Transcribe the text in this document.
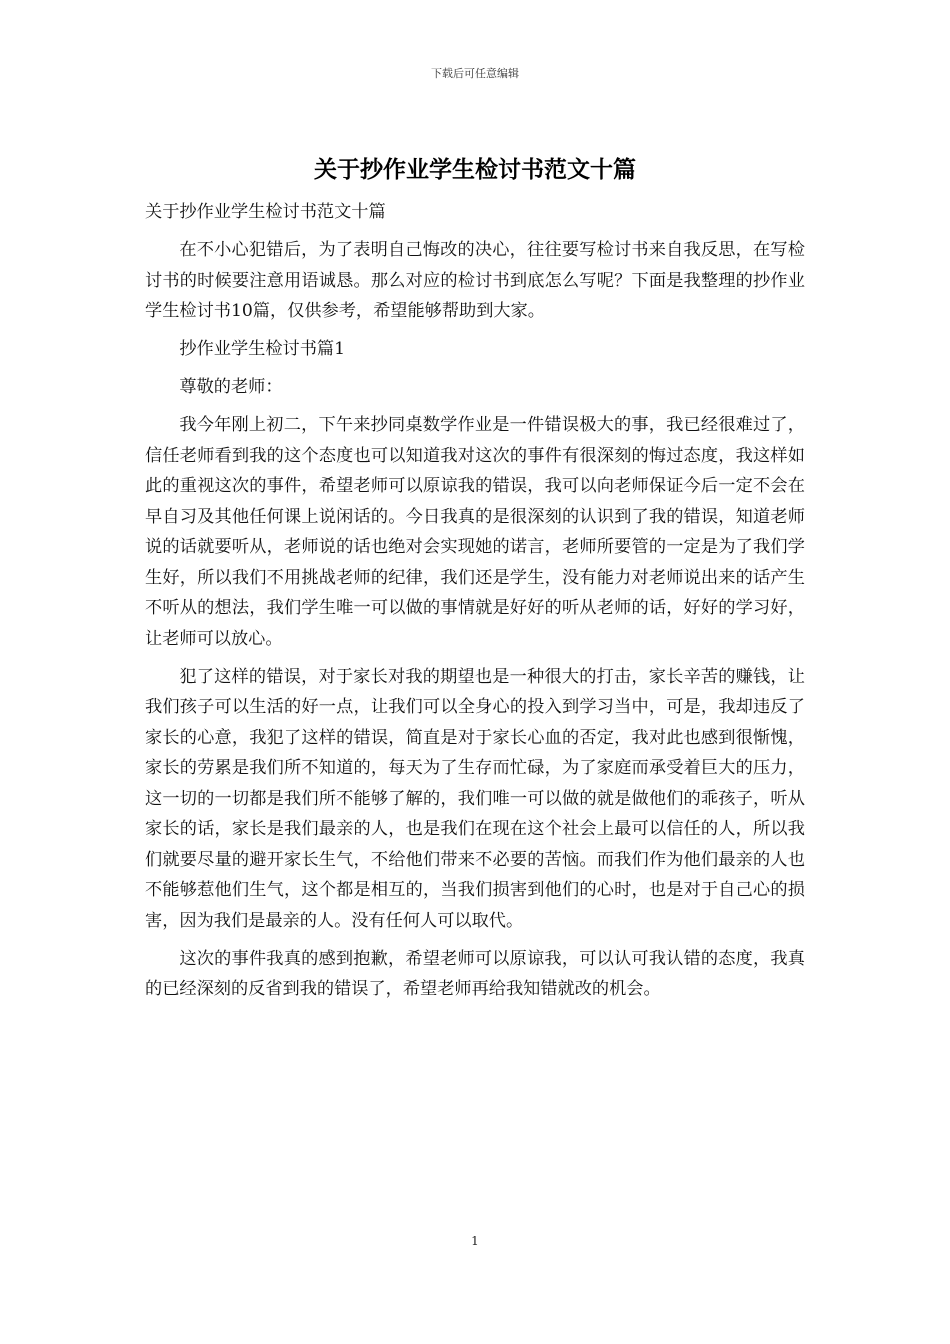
下载后可任意编辑
关于抄作业学生检讨书范文十篇

关于抄作业学生检讨书范文十篇

在不小心犯错后，为了表明自己悔改的决心，往往要写检讨书来自我反思，在写检讨书的时候要注意用语诚恳。那么对应的检讨书到底怎么写呢？下面是我整理的抄作业学生检讨书10篇，仅供参考，希望能够帮助到大家。

抄作业学生检讨书篇1

尊敬的老师：

我今年刚上初二，下午来抄同桌数学作业是一件错误极大的事，我已经很难过了，信任老师看到我的这个态度也可以知道我对这次的事件有很深刻的悔过态度，我这样如此的重视这次的事件，希望老师可以原谅我的错误，我可以向老师保证今后一定不会在早自习及其他任何课上说闲话的。今日我真的是很深刻的认识到了我的错误，知道老师说的话就要听从，老师说的话也绝对会实现她的诺言，老师所要管的一定是为了我们学生好，所以我们不用挑战老师的纪律，我们还是学生，没有能力对老师说出来的话产生不听从的想法，我们学生唯一可以做的事情就是好好的听从老师的话，好好的学习好，让老师可以放心。

犯了这样的错误，对于家长对我的期望也是一种很大的打击，家长辛苦的赚钱，让我们孩子可以生活的好一点，让我们可以全身心的投入到学习当中，可是，我却违反了家长的心意，我犯了这样的错误，简直是对于家长心血的否定，我对此也感到很惭愧，家长的劳累是我们所不知道的，每天为了生存而忙碌，为了家庭而承受着巨大的压力，这一切的一切都是我们所不能够了解的，我们唯一可以做的就是做他们的乖孩子，听从家长的话，家长是我们最亲的人，也是我们在现在这个社会上最可以信任的人，所以我们就要尽量的避开家长生气，不给他们带来不必要的苦恼。而我们作为他们最亲的人也不能够惹他们生气，这个都是相互的，当我们损害到他们的心时，也是对于自己心的损害，因为我们是最亲的人。没有任何人可以取代。

这次的事件我真的感到抱歉，希望老师可以原谅我，可以认可我认错的态度，我真的已经深刻的反省到我的错误了，希望老师再给我知错就改的机会。

1
